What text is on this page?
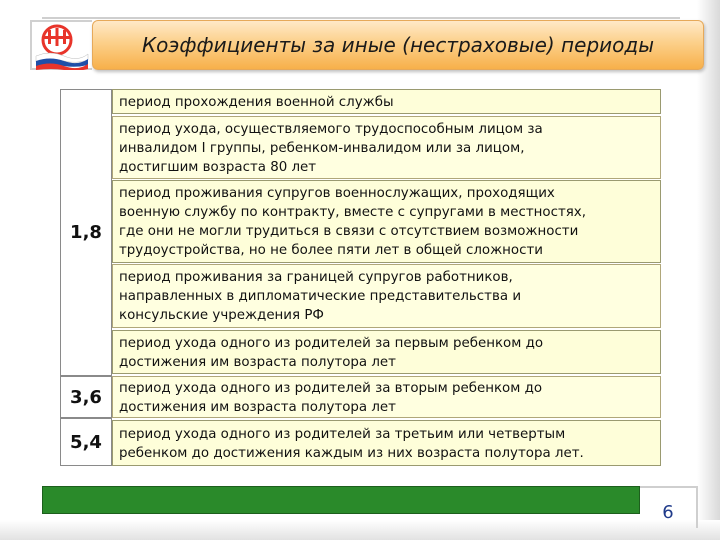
Коэффициенты за иные (нестраховые) периоды
1,8
3,6
5,4
период прохождения военной службы
период ухода, осуществляемого трудоспособным лицом за
инвалидом I группы, ребенком-инвалидом или за лицом,
достигшим возраста 80 лет
период проживания супругов военнослужащих, проходящих
военную службу по контракту, вместе с супругами в местностях,
где они не могли трудиться в связи с отсутствием возможности
трудоустройства, но не более пяти лет в общей сложности
период проживания за границей супругов работников,
направленных в дипломатические представительства и
консульские учреждения РФ
период ухода одного из родителей за первым ребенком до
достижения им возраста полутора лет
период ухода одного из родителей за вторым ребенком до
достижения им возраста полутора лет
период ухода одного из родителей за третьим или четвертым
ребенком до достижения каждым из них возраста полутора лет.
6
